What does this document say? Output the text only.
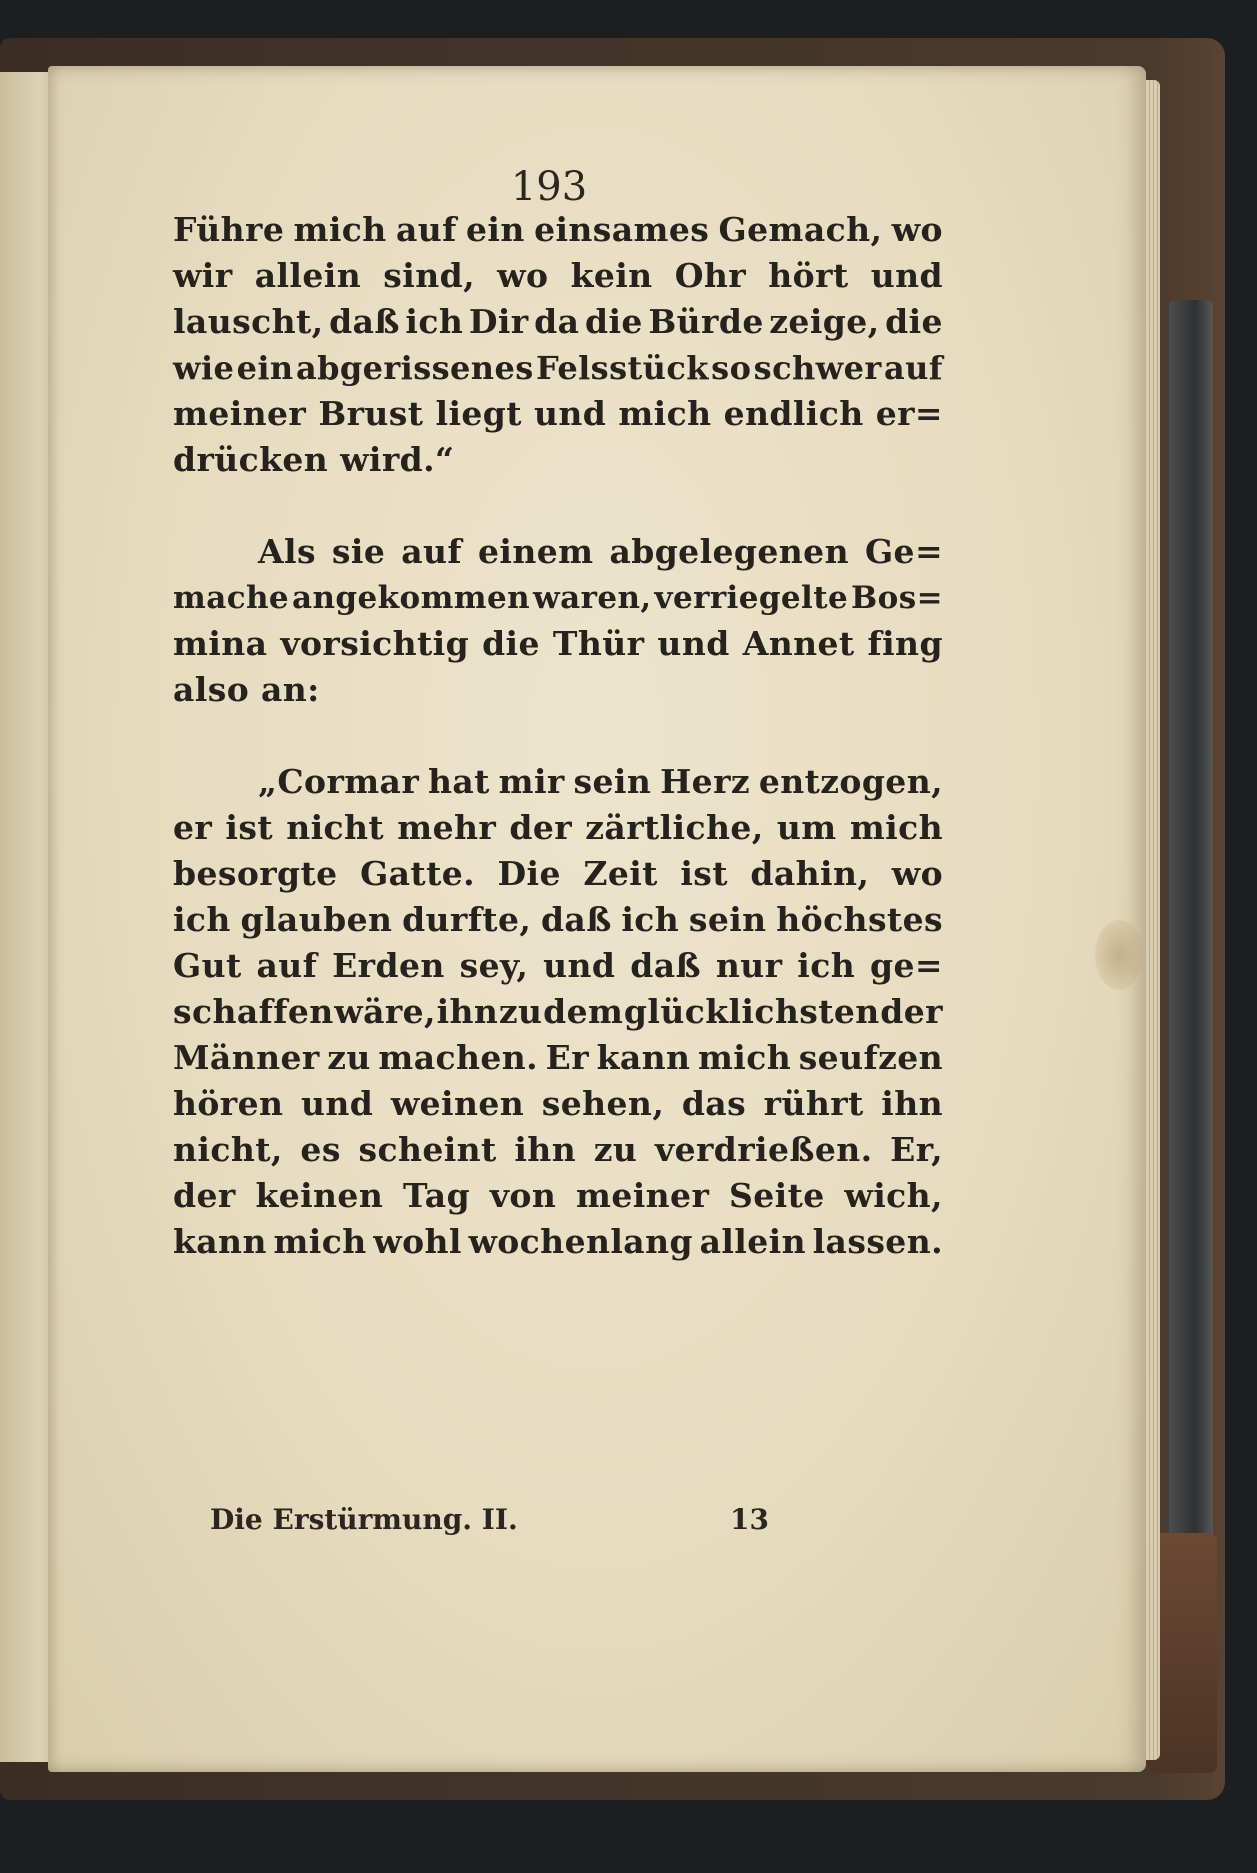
193
Führe mich auf ein einsames Gemach, wo
wir allein sind, wo kein Ohr hört und
lauscht, daß ich Dir da die Bürde zeige, die
wie ein abgerissenes Felsstück so schwer auf
meiner Brust liegt und mich endlich er=
drücken wird.“
Als sie auf einem abgelegenen Ge=
mache angekommen waren, verriegelte Bos=
mina vorsichtig die Thür und Annet fing
also an:
„Cormar hat mir sein Herz entzogen,
er ist nicht mehr der zärtliche, um mich
besorgte Gatte. Die Zeit ist dahin, wo
ich glauben durfte, daß ich sein höchstes
Gut auf Erden sey, und daß nur ich ge=
schaffen wäre, ihn zu dem glücklichsten der
Männer zu machen. Er kann mich seufzen
hören und weinen sehen, das rührt ihn
nicht, es scheint ihn zu verdrießen. Er,
der keinen Tag von meiner Seite wich,
kann mich wohl wochenlang allein lassen.
Die Erstürmung. II.	13
